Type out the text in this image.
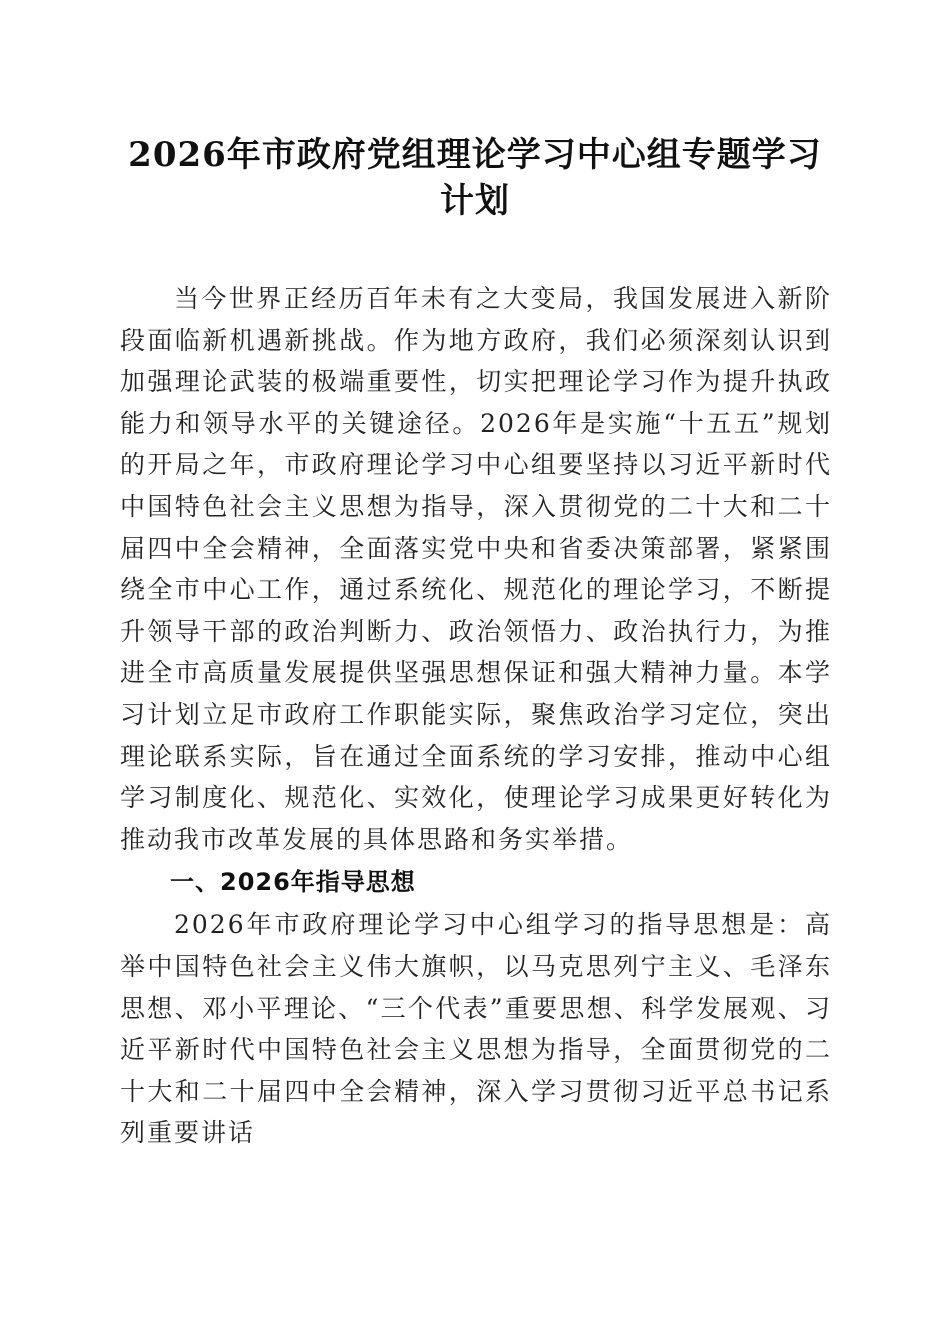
2026年市政府党组理论学习中心组专题学习计划

当今世界正经历百年未有之大变局，我国发展进入新阶段面临新机遇新挑战。作为地方政府，我们必须深刻认识到加强理论武装的极端重要性，切实把理论学习作为提升执政能力和领导水平的关键途径。2026年是实施“十五五”规划的开局之年，市政府理论学习中心组要坚持以习近平新时代中国特色社会主义思想为指导，深入贯彻党的二十大和二十届四中全会精神，全面落实党中央和省委决策部署，紧紧围绕全市中心工作，通过系统化、规范化的理论学习，不断提升领导干部的政治判断力、政治领悟力、政治执行力，为推进全市高质量发展提供坚强思想保证和强大精神力量。本学习计划立足市政府工作职能实际，聚焦政治学习定位，突出理论联系实际，旨在通过全面系统的学习安排，推动中心组学习制度化、规范化、实效化，使理论学习成果更好转化为推动我市改革发展的具体思路和务实举措。

一、2026年指导思想

2026年市政府理论学习中心组学习的指导思想是：高举中国特色社会主义伟大旗帜，以马克思列宁主义、毛泽东思想、邓小平理论、“三个代表”重要思想、科学发展观、习近平新时代中国特色社会主义思想为指导，全面贯彻党的二十大和二十届四中全会精神，深入学习贯彻习近平总书记系列重要讲话
